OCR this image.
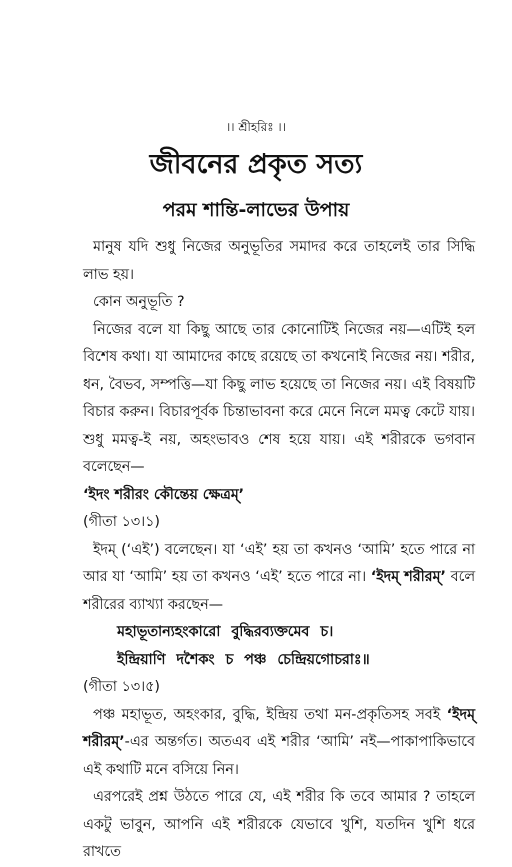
।। শ্রীহরিঃ ।।
জীবনের প্রকৃত সত্য
পরম শান্তি-লাভের উপায়

মানুষ যদি শুধু নিজের অনুভূতির সমাদর করে তাহলেই তার সিদ্ধি লাভ হয়।

কোন অনুভূতি ?

নিজের বলে যা কিছু আছে তার কোনোটিই নিজের নয়—এটিই হল বিশেষ কথা। যা আমাদের কাছে রয়েছে তা কখনোই নিজের নয়। শরীর, ধন, বৈভব, সম্পত্তি—যা কিছু লাভ হয়েছে তা নিজের নয়। এই বিষয়টি বিচার করুন। বিচারপূর্বক চিন্তাভাবনা করে মেনে নিলে মমত্ব কেটে যায়। শুধু মমত্ব-ই নয়, অহংভাবও শেষ হয়ে যায়। এই শরীরকে ভগবান বলেছেন—

‘ইদং শরীরং কৌন্তেয় ক্ষেত্রম্’

(গীতা ১৩।১)

ইদম্ (‘এই’) বলেছেন। যা ‘এই’ হয় তা কখনও ‘আমি’ হতে পারে না আর যা ‘আমি’ হয় তা কখনও ‘এই’ হতে পারে না। ‘ইদম্ শরীরম্’ বলে শরীরের ব্যাখ্যা করছেন—

মহাভূতান্যহংকারো বুদ্ধিরব্যক্তমেব চ।

ইন্দ্রিয়াণি দশৈকং চ পঞ্চ চেন্দ্রিয়গোচরাঃ॥

(গীতা ১৩।৫)

পঞ্চ মহাভূত, অহংকার, বুদ্ধি, ইন্দ্রিয় তথা মন-প্রকৃতিসহ সবই ‘ইদম্ শরীরম্’-এর অন্তর্গত। অতএব এই শরীর ‘আমি’ নই—পাকাপাকিভাবে এই কথাটি মনে বসিয়ে নিন।

এরপরেই প্রশ্ন উঠতে পারে যে, এই শরীর কি তবে আমার ? তাহলে একটু ভাবুন, আপনি এই শরীরকে যেভাবে খুশি, যতদিন খুশি ধরে রাখতে
